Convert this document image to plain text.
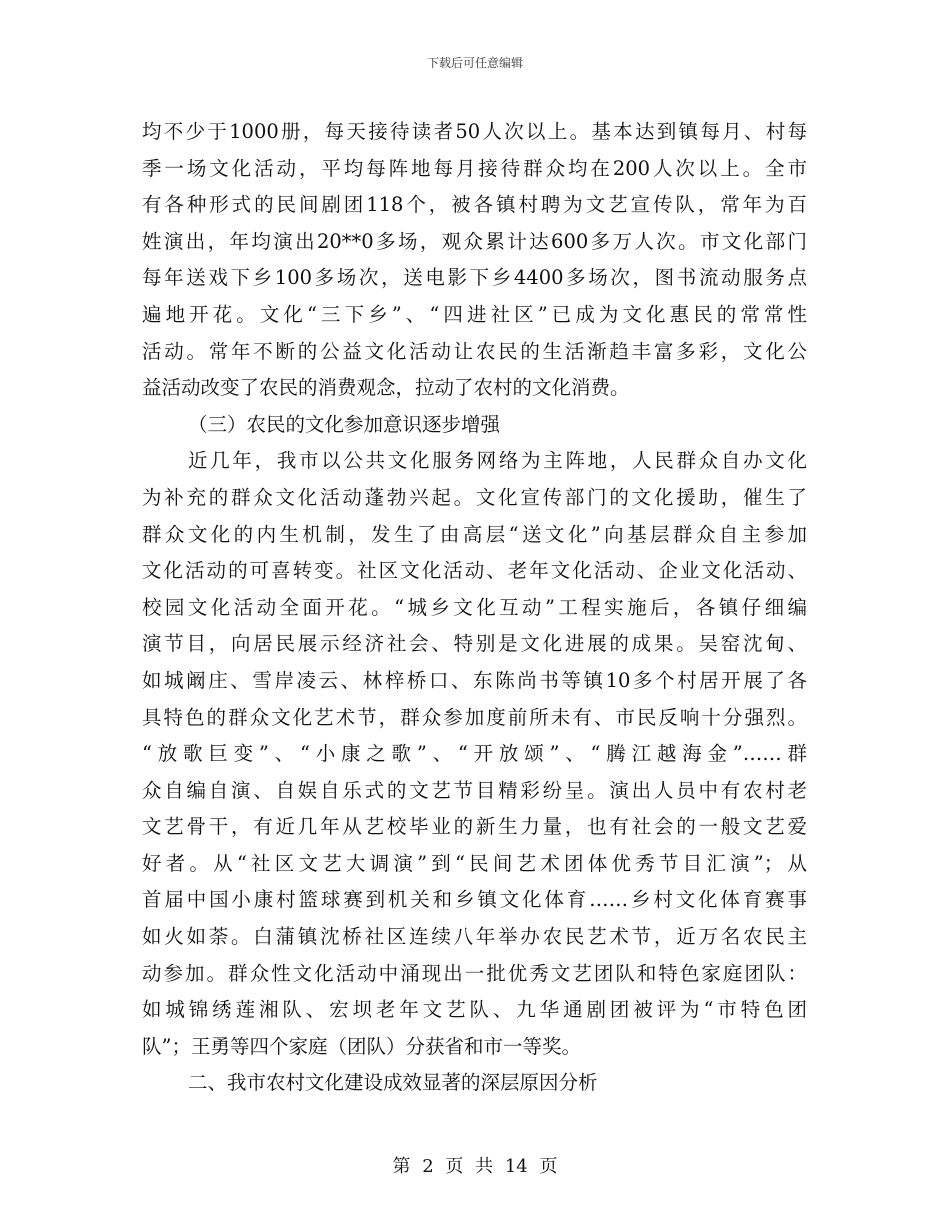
下载后可任意编辑
均不少于1000册，每天接待读者50人次以上。基本达到镇每月、村每
季一场文化活动，平均每阵地每月接待群众均在200人次以上。全市
有各种形式的民间剧团118个，被各镇村聘为文艺宣传队，常年为百
姓演出，年均演出20**0多场，观众累计达600多万人次。市文化部门
每年送戏下乡100多场次，送电影下乡4400多场次，图书流动服务点
遍地开花。文化“三下乡”、“四进社区”已成为文化惠民的常常性
活动。常年不断的公益文化活动让农民的生活渐趋丰富多彩，文化公
益活动改变了农民的消费观念，拉动了农村的文化消费。
（三）农民的文化参加意识逐步增强
近几年，我市以公共文化服务网络为主阵地，人民群众自办文化
为补充的群众文化活动蓬勃兴起。文化宣传部门的文化援助，催生了
群众文化的内生机制，发生了由高层“送文化”向基层群众自主参加
文化活动的可喜转变。社区文化活动、老年文化活动、企业文化活动、
校园文化活动全面开花。“城乡文化互动”工程实施后，各镇仔细编
演节目，向居民展示经济社会、特别是文化进展的成果。吴窑沈甸、
如城阚庄、雪岸凌云、林梓桥口、东陈尚书等镇10多个村居开展了各
具特色的群众文化艺术节，群众参加度前所未有、市民反响十分强烈。
“放歌巨变”、“小康之歌”、“开放颂”、“腾江越海金”……群
众自编自演、自娱自乐式的文艺节目精彩纷呈。演出人员中有农村老
文艺骨干，有近几年从艺校毕业的新生力量，也有社会的一般文艺爱
好者。从“社区文艺大调演”到“民间艺术团体优秀节目汇演”；从
首届中国小康村篮球赛到机关和乡镇文化体育……乡村文化体育赛事
如火如荼。白蒲镇沈桥社区连续八年举办农民艺术节，近万名农民主
动参加。群众性文化活动中涌现出一批优秀文艺团队和特色家庭团队：
如城锦绣莲湘队、宏坝老年文艺队、九华通剧团被评为“市特色团
队”；王勇等四个家庭（团队）分获省和市一等奖。
二、我市农村文化建设成效显著的深层原因分析
第 2 页 共 14 页
